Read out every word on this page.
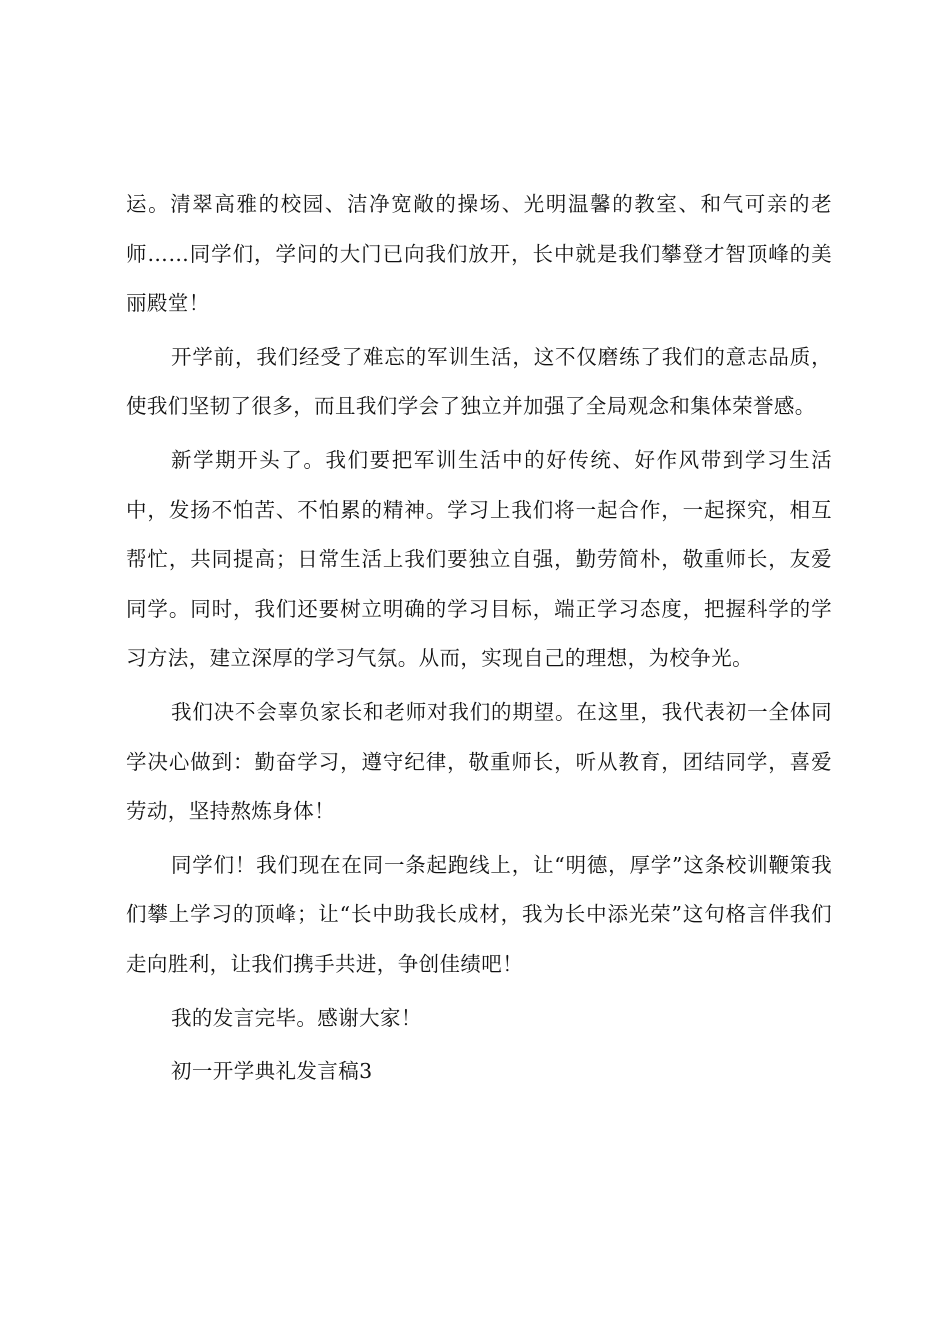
运。清翠高雅的校园、洁净宽敞的操场、光明温馨的教室、和气可亲的老师……同学们，学问的大门已向我们放开，长中就是我们攀登才智顶峰的美丽殿堂！

开学前，我们经受了难忘的军训生活，这不仅磨练了我们的意志品质，使我们坚韧了很多，而且我们学会了独立并加强了全局观念和集体荣誉感。

新学期开头了。我们要把军训生活中的好传统、好作风带到学习生活中，发扬不怕苦、不怕累的精神。学习上我们将一起合作，一起探究，相互帮忙，共同提高；日常生活上我们要独立自强，勤劳简朴，敬重师长，友爱同学。同时，我们还要树立明确的学习目标，端正学习态度，把握科学的学习方法，建立深厚的学习气氛。从而，实现自己的理想，为校争光。

我们决不会辜负家长和老师对我们的期望。在这里，我代表初一全体同学决心做到：勤奋学习，遵守纪律，敬重师长，听从教育，团结同学，喜爱劳动，坚持熬炼身体！

同学们！我们现在在同一条起跑线上，让“明德，厚学”这条校训鞭策我们攀上学习的顶峰；让“长中助我长成材，我为长中添光荣”这句格言伴我们走向胜利，让我们携手共进，争创佳绩吧！

我的发言完毕。感谢大家！

初一开学典礼发言稿3
